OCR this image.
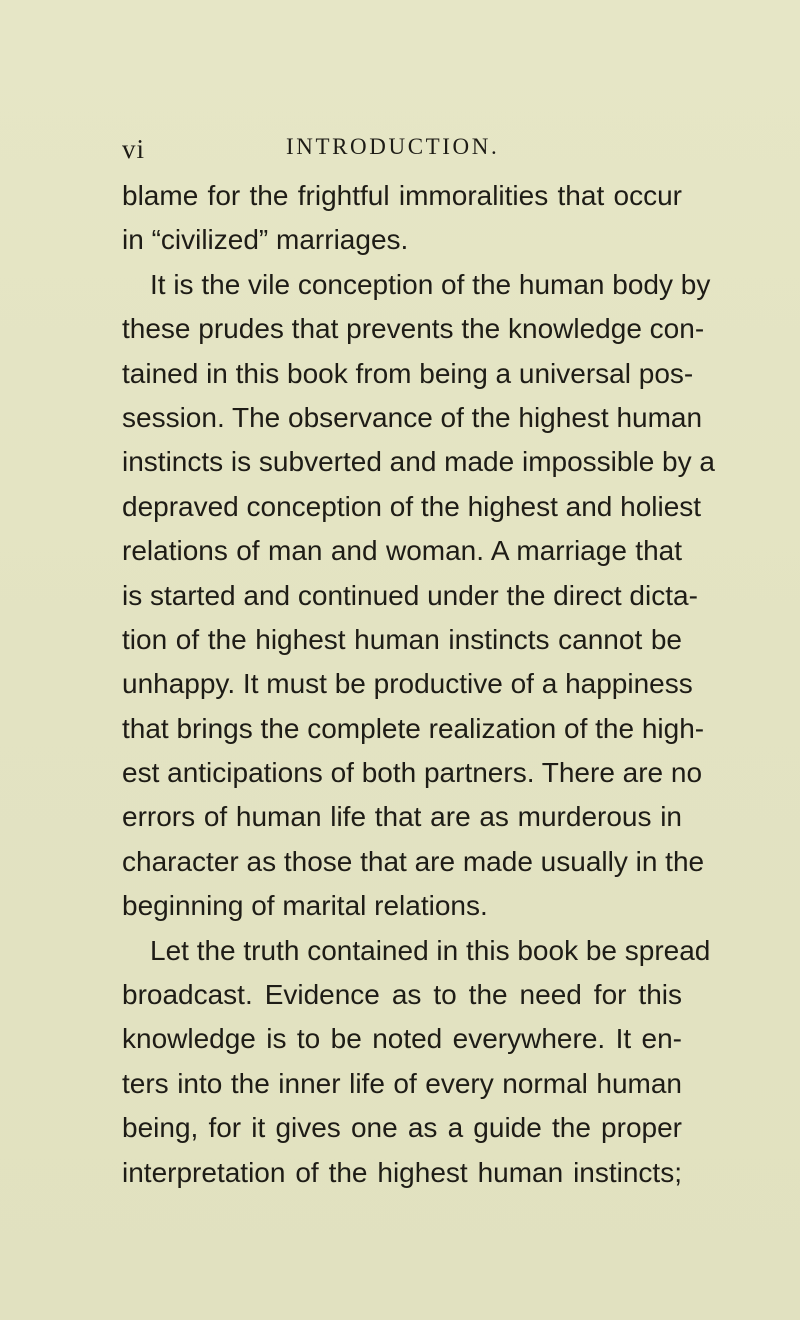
vi	INTRODUCTION.
blame for the frightful immoralities that occur
in “civilized” marriages.
It is the vile conception of the human body by
these prudes that prevents the knowledge con-
tained in this book from being a universal pos-
session. The observance of the highest human
instincts is subverted and made impossible by a
depraved conception of the highest and holiest
relations of man and woman. A marriage that
is started and continued under the direct dicta-
tion of the highest human instincts cannot be
unhappy. It must be productive of a happiness
that brings the complete realization of the high-
est anticipations of both partners. There are no
errors of human life that are as murderous in
character as those that are made usually in the
beginning of marital relations.
Let the truth contained in this book be spread
broadcast. Evidence as to the need for this
knowledge is to be noted everywhere. It en-
ters into the inner life of every normal human
being, for it gives one as a guide the proper
interpretation of the highest human instincts;
